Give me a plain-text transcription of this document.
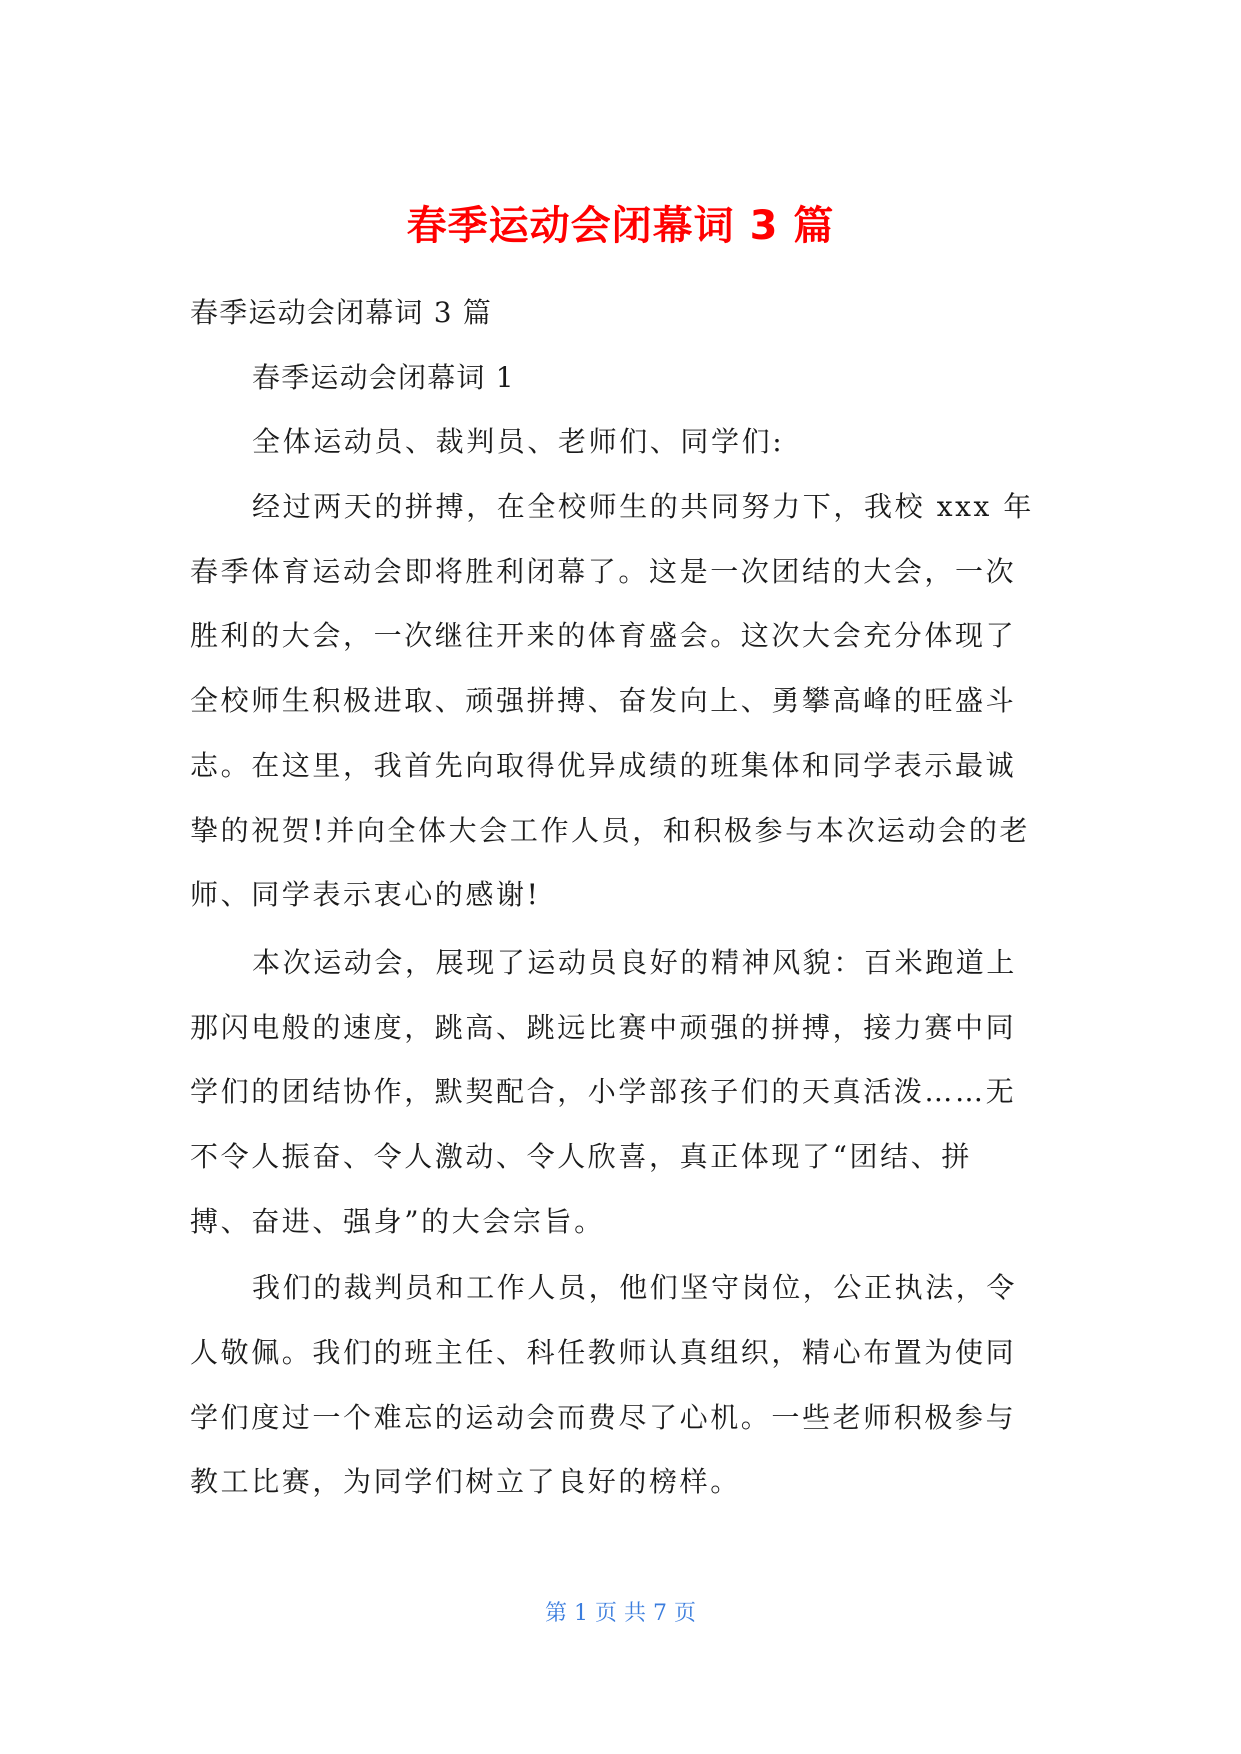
春季运动会闭幕词 3 篇
春季运动会闭幕词 3 篇
春季运动会闭幕词 1
全体运动员、裁判员、老师们、同学们:
经过两天的拼搏，在全校师生的共同努力下，我校 xxx 年
春季体育运动会即将胜利闭幕了。这是一次团结的大会，一次
胜利的大会，一次继往开来的体育盛会。这次大会充分体现了
全校师生积极进取、顽强拼搏、奋发向上、勇攀高峰的旺盛斗
志。在这里，我首先向取得优异成绩的班集体和同学表示最诚
挚的祝贺!并向全体大会工作人员，和积极参与本次运动会的老
师、同学表示衷心的感谢!
本次运动会，展现了运动员良好的精神风貌：百米跑道上
那闪电般的速度，跳高、跳远比赛中顽强的拼搏，接力赛中同
学们的团结协作，默契配合，小学部孩子们的天真活泼……无
不令人振奋、令人激动、令人欣喜，真正体现了“团结、拼
搏、奋进、强身”的大会宗旨。
我们的裁判员和工作人员，他们坚守岗位，公正执法，令
人敬佩。我们的班主任、科任教师认真组织，精心布置为使同
学们度过一个难忘的运动会而费尽了心机。一些老师积极参与
教工比赛，为同学们树立了良好的榜样。
第 1 页 共 7 页
